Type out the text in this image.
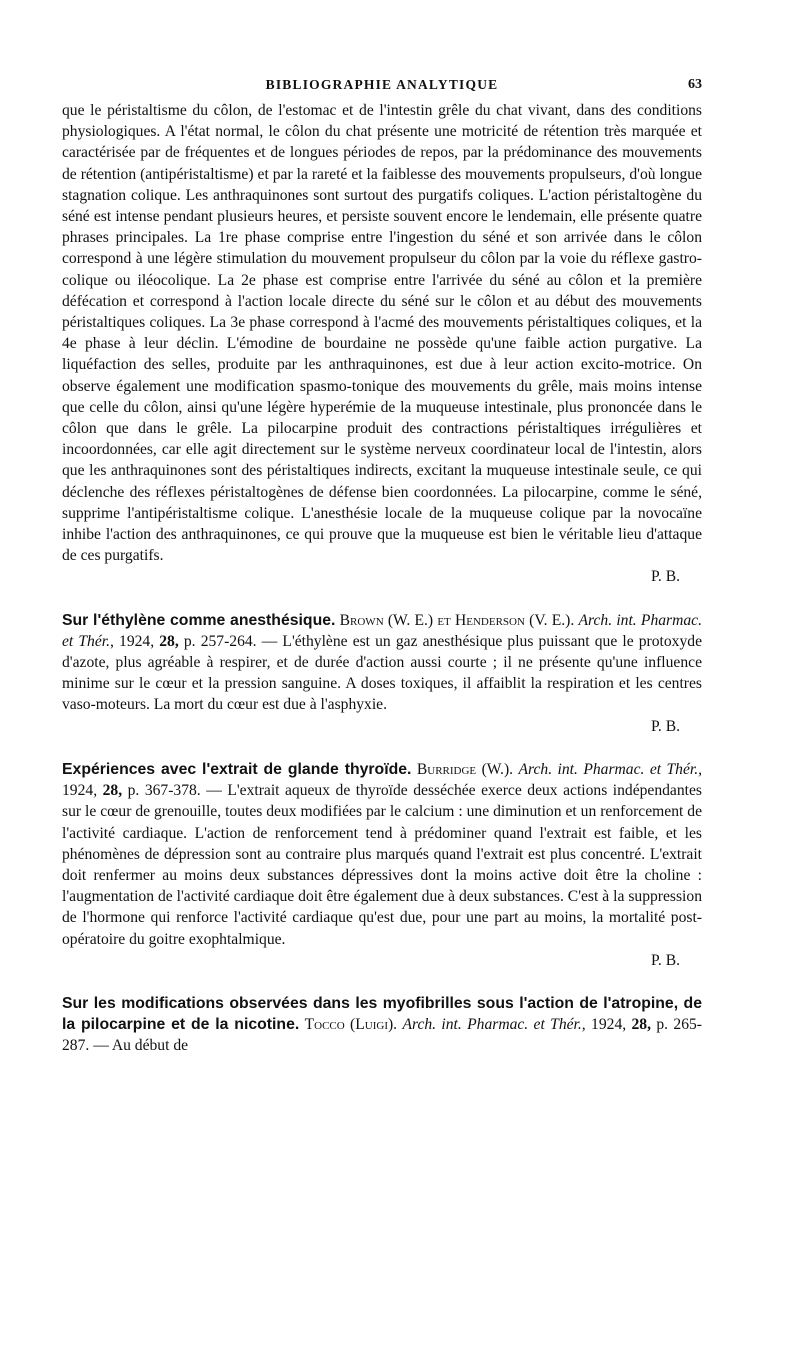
BIBLIOGRAPHIE ANALYTIQUE	63

que le péristaltisme du côlon, de l'estomac et de l'intestin grêle du chat vivant, dans des conditions physiologiques. A l'état normal, le côlon du chat présente une motricité de rétention très marquée et caractérisée par de fréquentes et de longues périodes de repos, par la prédominance des mouvements de rétention (antipéristaltisme) et par la rareté et la faiblesse des mouvements propulseurs, d'où longue stagnation colique. Les anthraquinones sont surtout des purgatifs coliques. L'action péristaltogène du séné est intense pendant plusieurs heures, et persiste souvent encore le lendemain, elle présente quatre phrases principales. La 1re phase comprise entre l'ingestion du séné et son arrivée dans le côlon correspond à une légère stimulation du mouvement propulseur du côlon par la voie du réflexe gastro-colique ou iléocolique. La 2e phase est comprise entre l'arrivée du séné au côlon et la première défécation et correspond à l'action locale directe du séné sur le côlon et au début des mouvements péristaltiques coliques. La 3e phase correspond à l'acmé des mouvements péristaltiques coliques, et la 4e phase à leur déclin. L'émodine de bourdaine ne possède qu'une faible action purgative. La liquéfaction des selles, produite par les anthraquinones, est due à leur action excito-motrice. On observe également une modification spasmo-tonique des mouvements du grêle, mais moins intense que celle du côlon, ainsi qu'une légère hyperémie de la muqueuse intestinale, plus prononcée dans le côlon que dans le grêle. La pilocarpine produit des contractions péristaltiques irrégulières et incoordonnées, car elle agit directement sur le système nerveux coordinateur local de l'intestin, alors que les anthraquinones sont des péristaltiques indirects, excitant la muqueuse intestinale seule, ce qui déclenche des réflexes péristaltogènes de défense bien coordonnées. La pilocarpine, comme le séné, supprime l'antipéristaltisme colique. L'anesthésie locale de la muqueuse colique par la novocaïne inhibe l'action des anthraquinones, ce qui prouve que la muqueuse est bien le véritable lieu d'attaque de ces purgatifs.

P. B.

Sur l'éthylène comme anesthésique. Brown (W. E.) et Henderson (V. E.). Arch. int. Pharmac. et Thér., 1924, 28, p. 257-264. — L'éthylène est un gaz anesthésique plus puissant que le protoxyde d'azote, plus agréable à respirer, et de durée d'action aussi courte ; il ne présente qu'une influence minime sur le cœur et la pression sanguine. A doses toxiques, il affaiblit la respiration et les centres vaso-moteurs. La mort du cœur est due à l'asphyxie.

P. B.

Expériences avec l'extrait de glande thyroïde. Burridge (W.). Arch. int. Pharmac. et Thér., 1924, 28, p. 367-378. — L'extrait aqueux de thyroïde desséchée exerce deux actions indépendantes sur le cœur de grenouille, toutes deux modifiées par le calcium : une diminution et un renforcement de l'activité cardiaque. L'action de renforcement tend à prédominer quand l'extrait est faible, et les phénomènes de dépression sont au contraire plus marqués quand l'extrait est plus concentré. L'extrait doit renfermer au moins deux substances dépressives dont la moins active doit être la choline : l'augmentation de l'activité cardiaque doit être également due à deux substances. C'est à la suppression de l'hormone qui renforce l'activité cardiaque qu'est due, pour une part au moins, la mortalité post-opératoire du goitre exophtalmique.

P. B.

Sur les modifications observées dans les myofibrilles sous l'action de l'atropine, de la pilocarpine et de la nicotine. Tocco (Luigi). Arch. int. Pharmac. et Thér., 1924, 28, p. 265-287. — Au début de
